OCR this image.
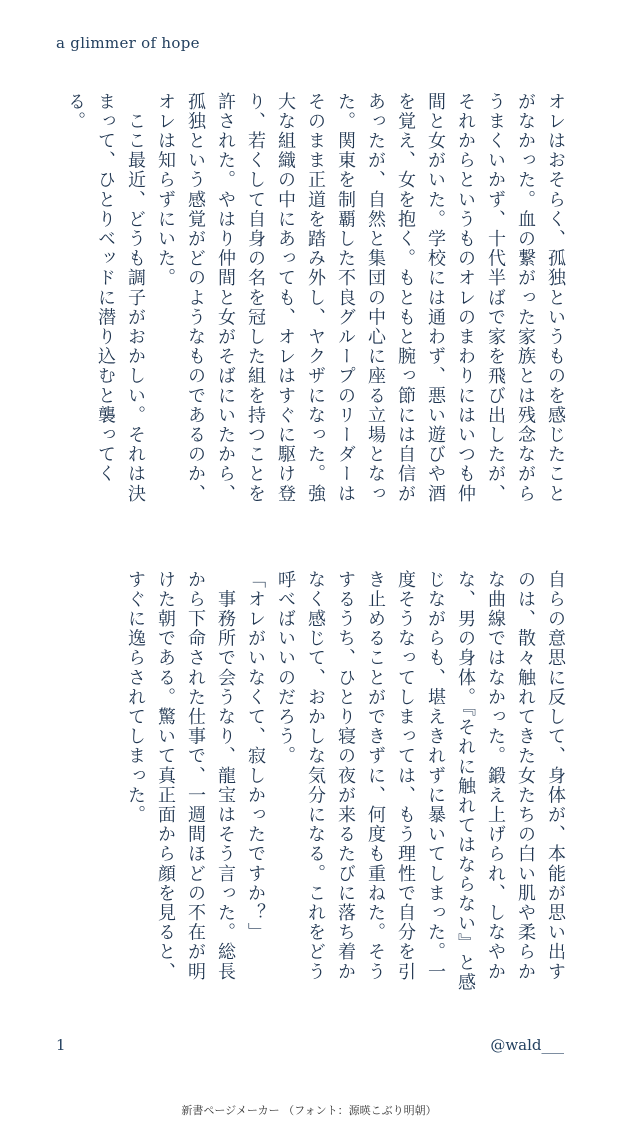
a glimmer of hope

オレはおそらく、孤独というものを感じたことがなかった。血の繋がった家族とは残念ながらうまくいかず、十代半ばで家を飛び出したが、それからというものオレのまわりにはいつも仲間と女がいた。学校には通わず、悪い遊びや酒を覚え、女を抱く。もともと腕っ節には自信があったが、自然と集団の中心に座る立場となった。関東を制覇した不良グループのリーダーはそのまま正道を踏み外し、ヤクザになった。強大な組織の中にあっても、オレはすぐに駆け登り、若くして自身の名を冠した組を持つことを許された。やはり仲間と女がそばにいたから、孤独という感覚がどのようなものであるのか、オレは知らずにいた。

　ここ最近、どうも調子がおかしい。それは決まって、ひとりベッドに潜り込むと襲ってくる。

自らの意思に反して、身体が、本能が思い出すのは、散々触れてきた女たちの白い肌や柔らかな曲線ではなかった。鍛え上げられ、しなやかな、男の身体。『それに触れてはならない』と感じながらも、堪えきれずに暴いてしまった。一度そうなってしまっては、もう理性で自分を引き止めることができずに、何度も重ねた。そうするうち、ひとり寝の夜が来るたびに落ち着かなく感じて、おかしな気分になる。これをどう呼べばいいのだろう。

「オレがいなくて、寂しかったですか？」

　事務所で会うなり、龍宝はそう言った。総長から下命された仕事で、一週間ほどの不在が明けた朝である。驚いて真正面から顔を見ると、すぐに逸らされてしまった。

1	@wald___
新書ページメーカー （フォント：源暎こぶり明朝）
